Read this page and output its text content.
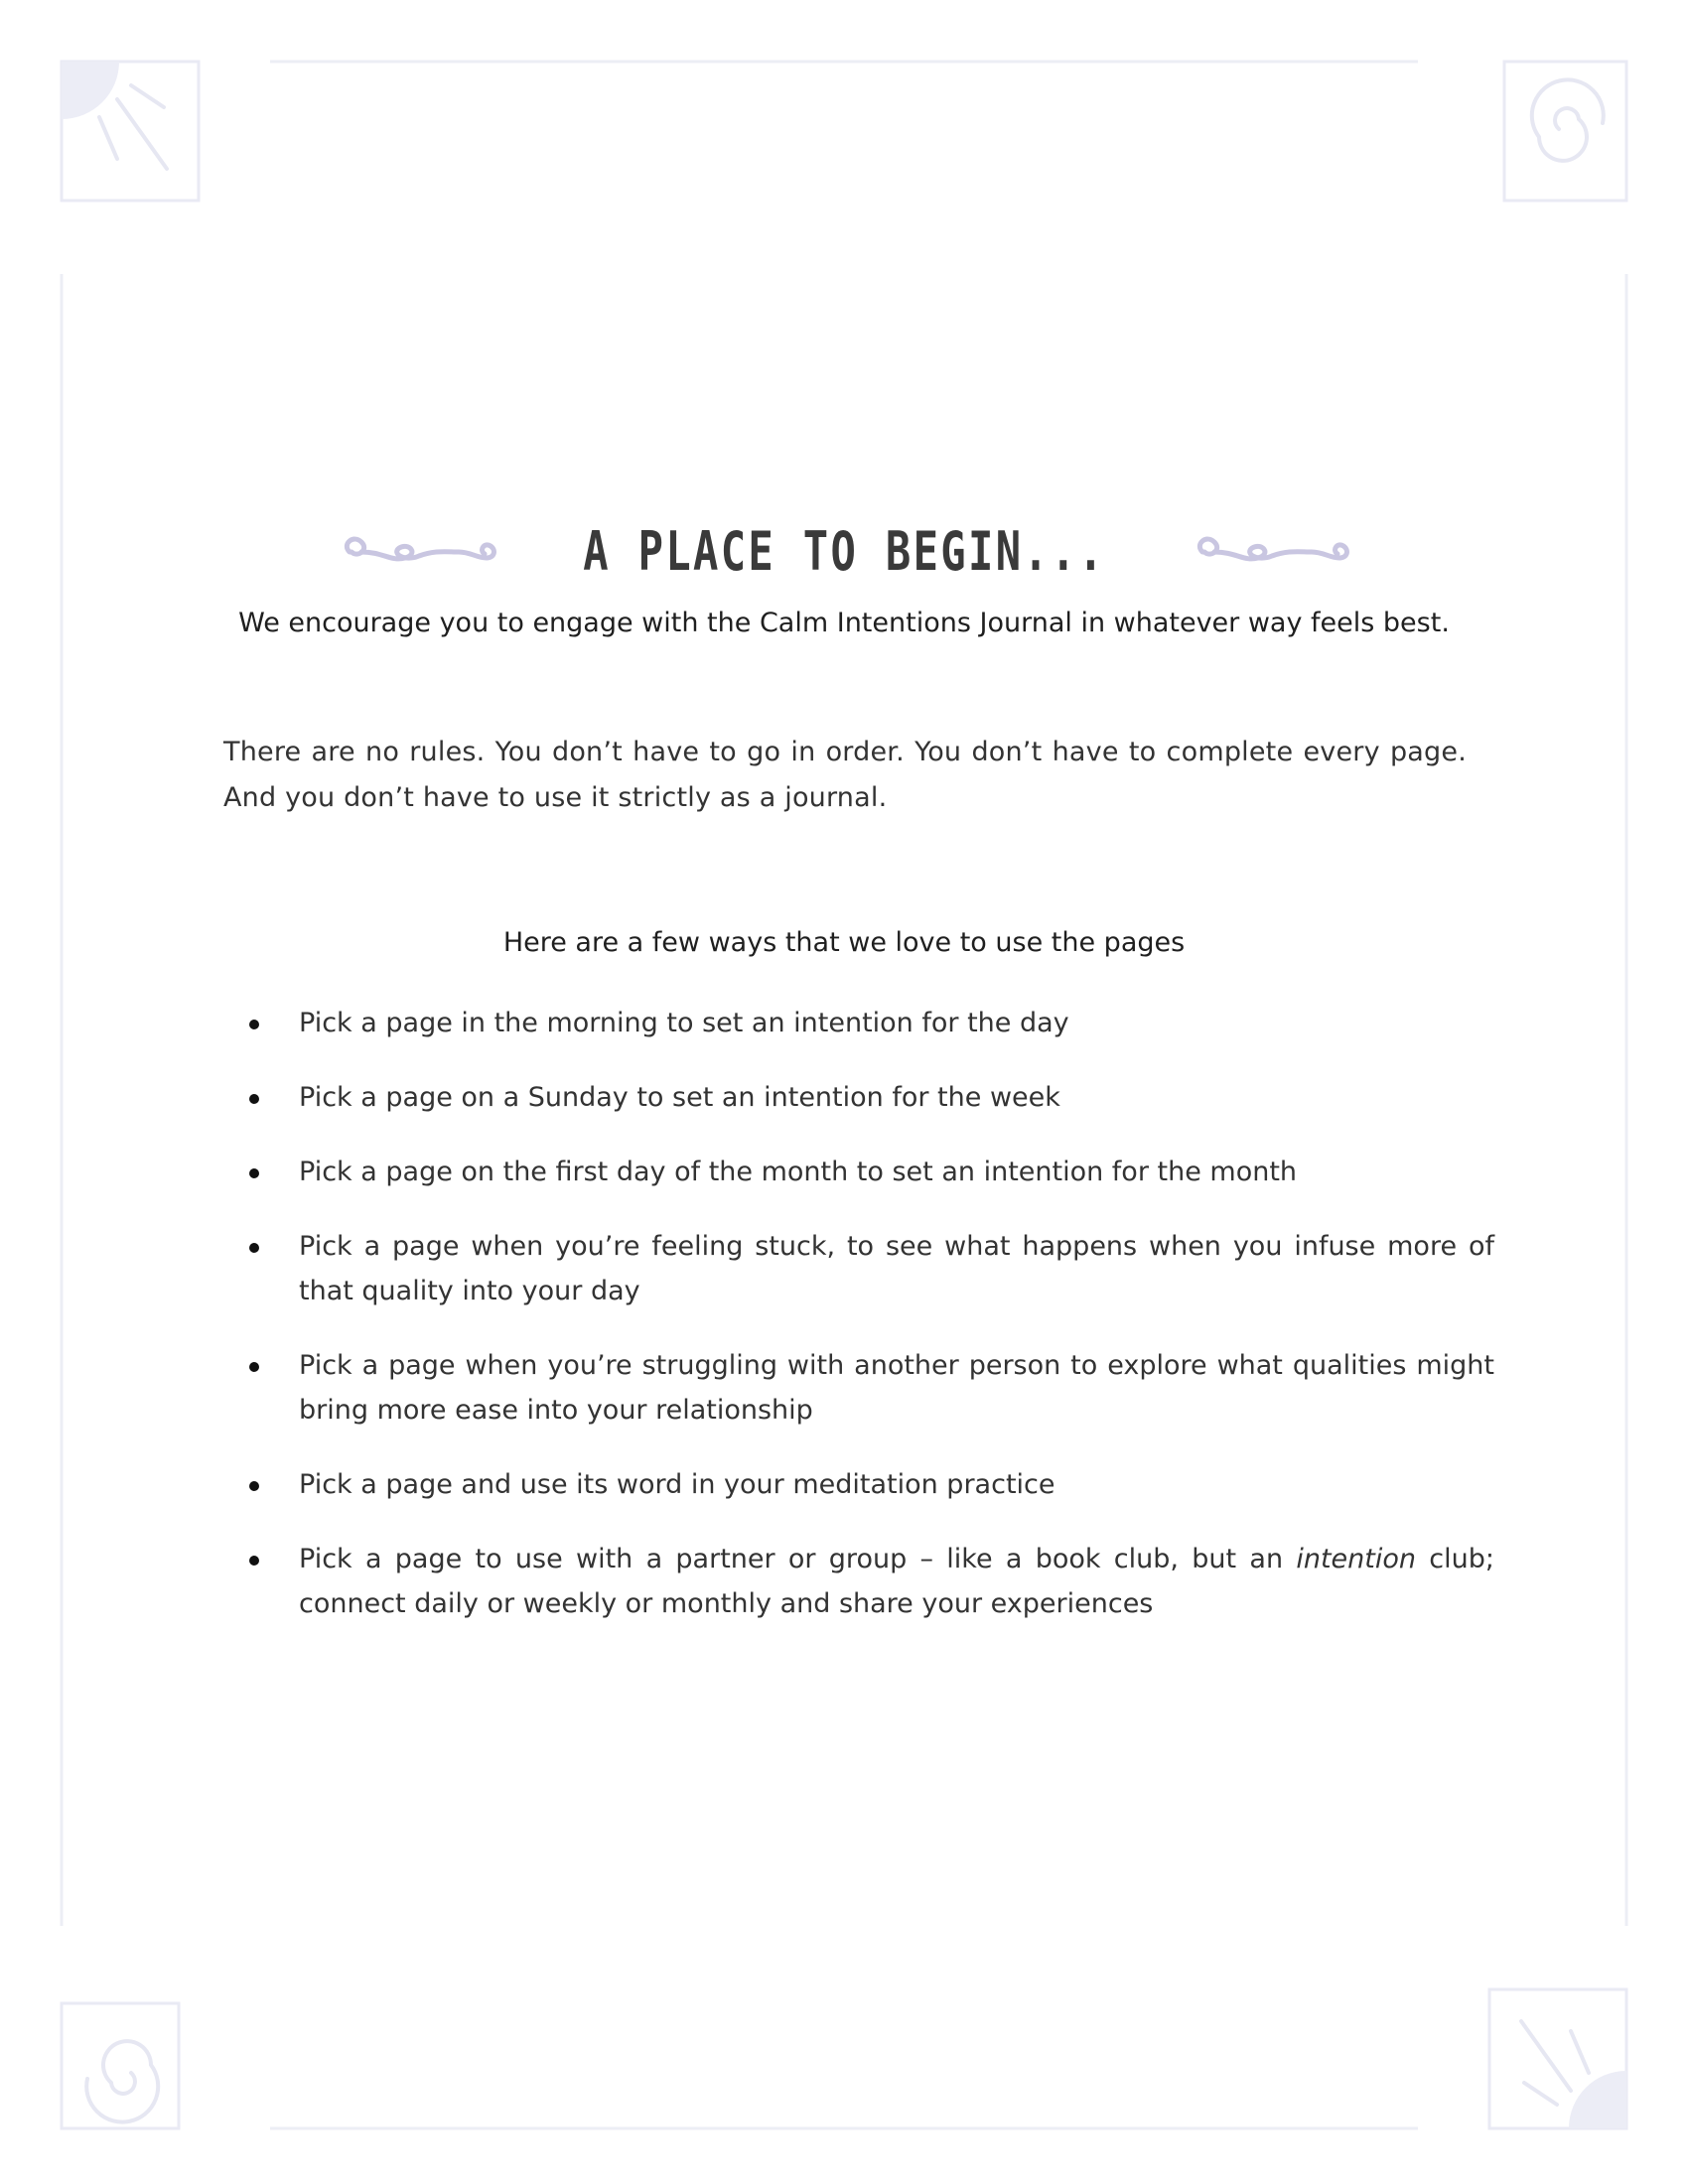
A PLACE TO BEGIN...

We encourage you to engage with the Calm Intentions Journal in whatever way feels best.

There are no rules. You don’t have to go in order. You don’t have to complete every page. And you don’t have to use it strictly as a journal.

Here are a few ways that we love to use the pages

Pick a page in the morning to set an intention for the day
Pick a page on a Sunday to set an intention for the week
Pick a page on the first day of the month to set an intention for the month
Pick a page when you’re feeling stuck, to see what happens when you infuse more of that quality into your day
Pick a page when you’re struggling with another person to explore what qualities might bring more ease into your relationship
Pick a page and use its word in your meditation practice
Pick a page to use with a partner or group – like a book club, but an intention club; connect daily or weekly or monthly and share your experiences
